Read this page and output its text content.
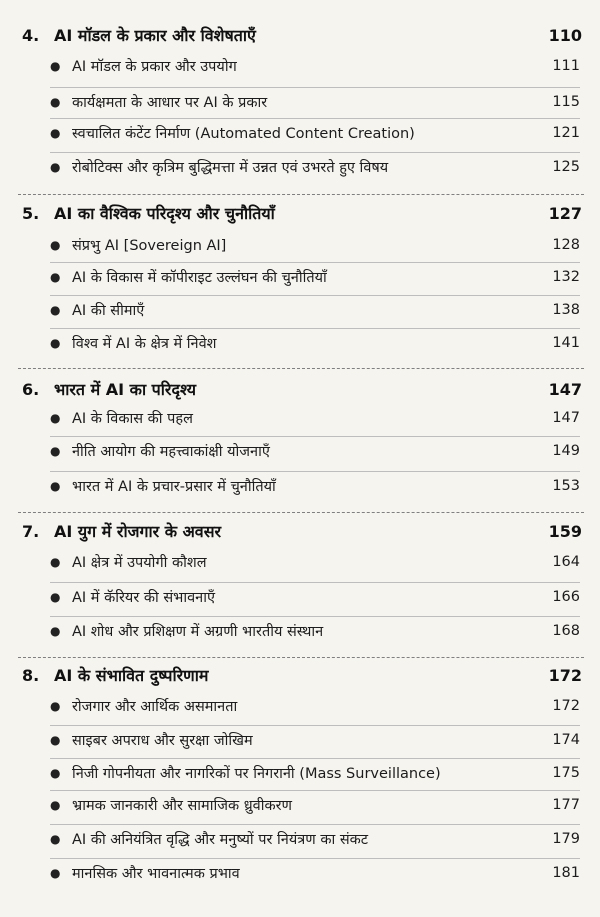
4. AI मॉडल के प्रकार और विशेषताएँ	110
● AI मॉडल के प्रकार और उपयोग	111
● कार्यक्षमता के आधार पर AI के प्रकार	115
● स्वचालित कंटेंट निर्माण (Automated Content Creation)	121
● रोबोटिक्स और कृत्रिम बुद्धिमत्ता में उन्नत एवं उभरते हुए विषय	125
5. AI का वैश्विक परिदृश्य और चुनौतियाँ	127
● संप्रभु AI [Sovereign AI]	128
● AI के विकास में कॉपीराइट उल्लंघन की चुनौतियाँ	132
● AI की सीमाएँ	138
● विश्व में AI के क्षेत्र में निवेश	141
6. भारत में AI का परिदृश्य	147
● AI के विकास की पहल	147
● नीति आयोग की महत्त्वाकांक्षी योजनाएँ	149
● भारत में AI के प्रचार-प्रसार में चुनौतियाँ	153
7. AI युग में रोजगार के अवसर	159
● AI क्षेत्र में उपयोगी कौशल	164
● AI में कॅरियर की संभावनाएँ	166
● AI शोध और प्रशिक्षण में अग्रणी भारतीय संस्थान	168
8. AI के संभावित दुष्परिणाम	172
● रोजगार और आर्थिक असमानता	172
● साइबर अपराध और सुरक्षा जोखिम	174
● निजी गोपनीयता और नागरिकों पर निगरानी (Mass Surveillance)	175
● भ्रामक जानकारी और सामाजिक ध्रुवीकरण	177
● AI की अनियंत्रित वृद्धि और मनुष्यों पर नियंत्रण का संकट	179
● मानसिक और भावनात्मक प्रभाव	181
